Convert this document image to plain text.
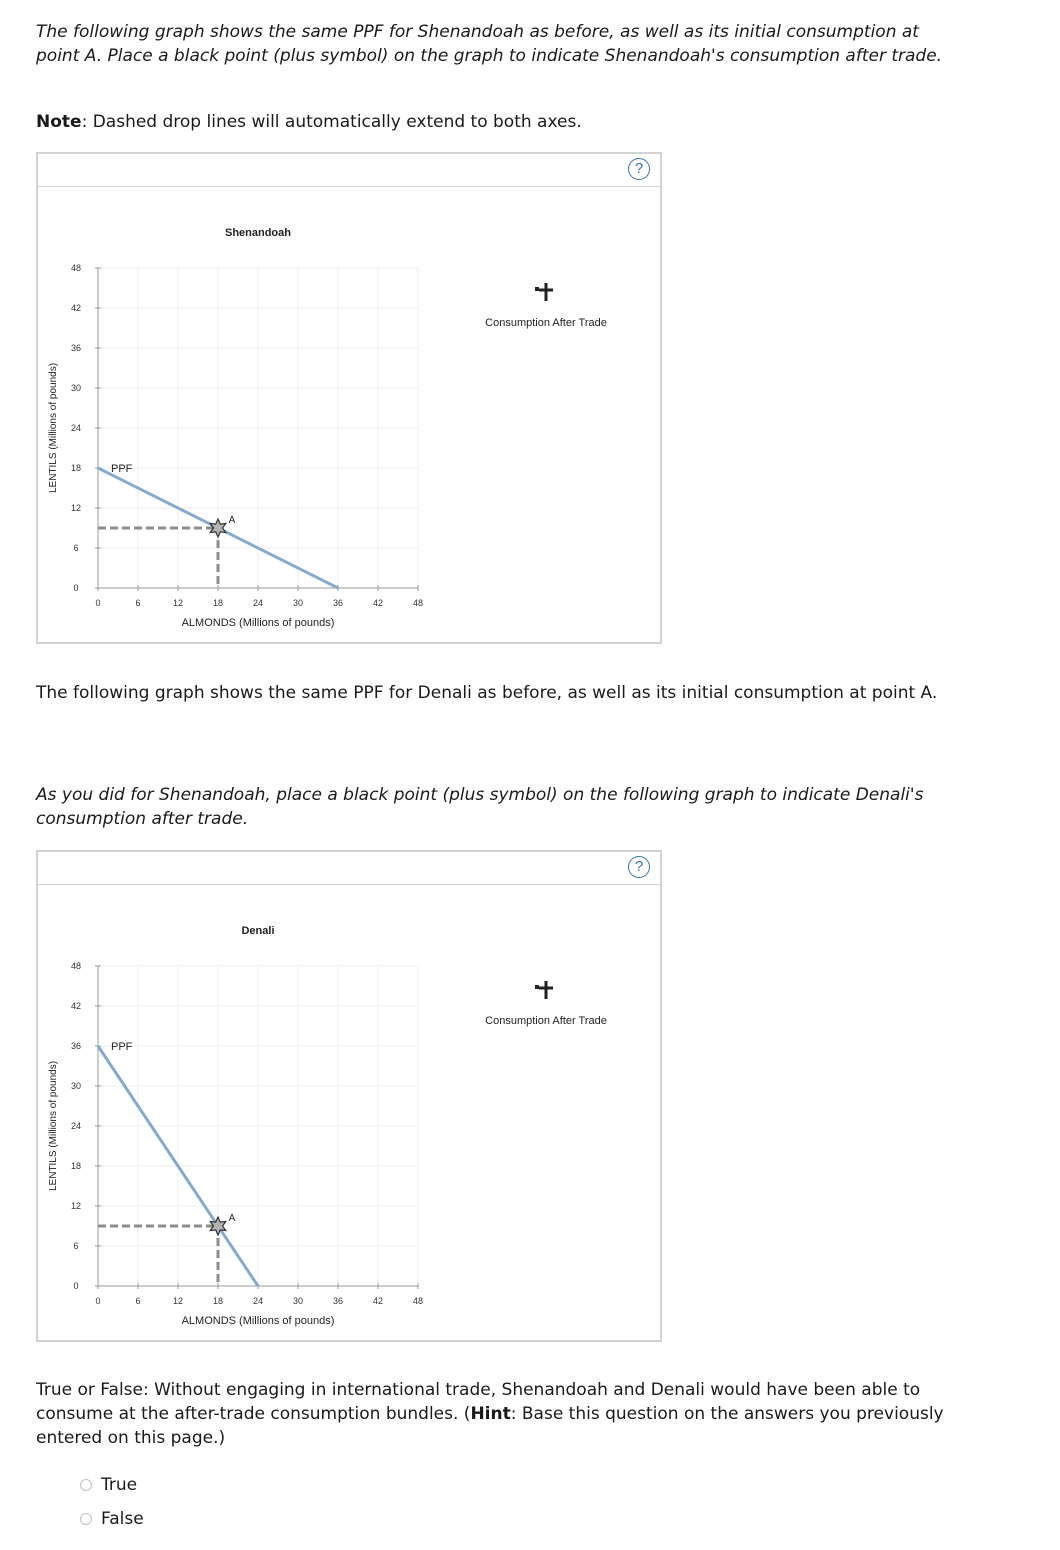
The following graph shows the same PPF for Shenandoah as before, as well as its initial consumption at point A. Place a black point (plus symbol) on the graph to indicate Shenandoah's consumption after trade.

Note: Dashed drop lines will automatically extend to both axes.

?
0	6	12	18	24	30	36	42	48
0
6
12
18
24
30
36
42
48
Shenandoah
ALMONDS (Millions of pounds)
LENTILS (Millions of pounds)	PPF
A
Consumption After Trade

The following graph shows the same PPF for Denali as before, as well as its initial consumption at point A.

As you did for Shenandoah, place a black point (plus symbol) on the following graph to indicate Denali's consumption after trade.

?
0	6	12	18	24	30	36	42	48
0
6
12
18
24
30
36
42
48
Denali
ALMONDS (Millions of pounds)
LENTILS (Millions of pounds)
PPF
A
Consumption After Trade

True or False: Without engaging in international trade, Shenandoah and Denali would have been able to consume at the after-trade consumption bundles. (Hint: Base this question on the answers you previously entered on this page.)

True
False
